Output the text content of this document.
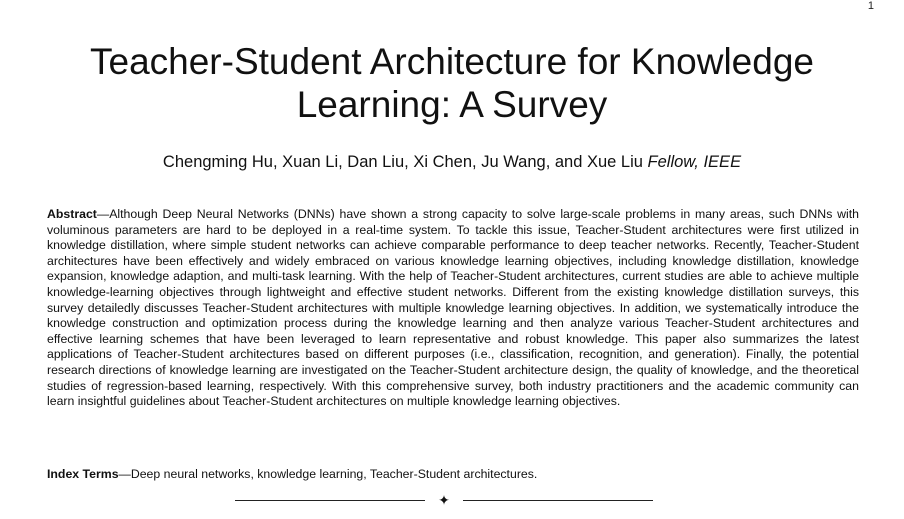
1
Teacher-Student Architecture for Knowledge Learning: A Survey
Chengming Hu, Xuan Li, Dan Liu, Xi Chen, Ju Wang, and Xue Liu Fellow, IEEE

Abstract—Although Deep Neural Networks (DNNs) have shown a strong capacity to solve large-scale problems in many areas, such DNNs with voluminous parameters are hard to be deployed in a real-time system. To tackle this issue, Teacher-Student architectures were first utilized in knowledge distillation, where simple student networks can achieve comparable performance to deep teacher networks. Recently, Teacher-Student architectures have been effectively and widely embraced on various knowledge learning objectives, including knowledge distillation, knowledge expansion, knowledge adaption, and multi-task learning. With the help of Teacher-Student architectures, current studies are able to achieve multiple knowledge-learning objectives through lightweight and effective student networks. Different from the existing knowledge distillation surveys, this survey detailedly discusses Teacher-Student architectures with multiple knowledge learning objectives. In addition, we systematically introduce the knowledge construction and optimization process during the knowledge learning and then analyze various Teacher-Student architectures and effective learning schemes that have been leveraged to learn representative and robust knowledge. This paper also summarizes the latest applications of Teacher-Student architectures based on different purposes (i.e., classification, recognition, and generation). Finally, the potential research directions of knowledge learning are investigated on the Teacher-Student architecture design, the quality of knowledge, and the theoretical studies of regression-based learning, respectively. With this comprehensive survey, both industry practitioners and the academic community can learn insightful guidelines about Teacher-Student architectures on multiple knowledge learning objectives.

Index Terms—Deep neural networks, knowledge learning, Teacher-Student architectures.

✦
